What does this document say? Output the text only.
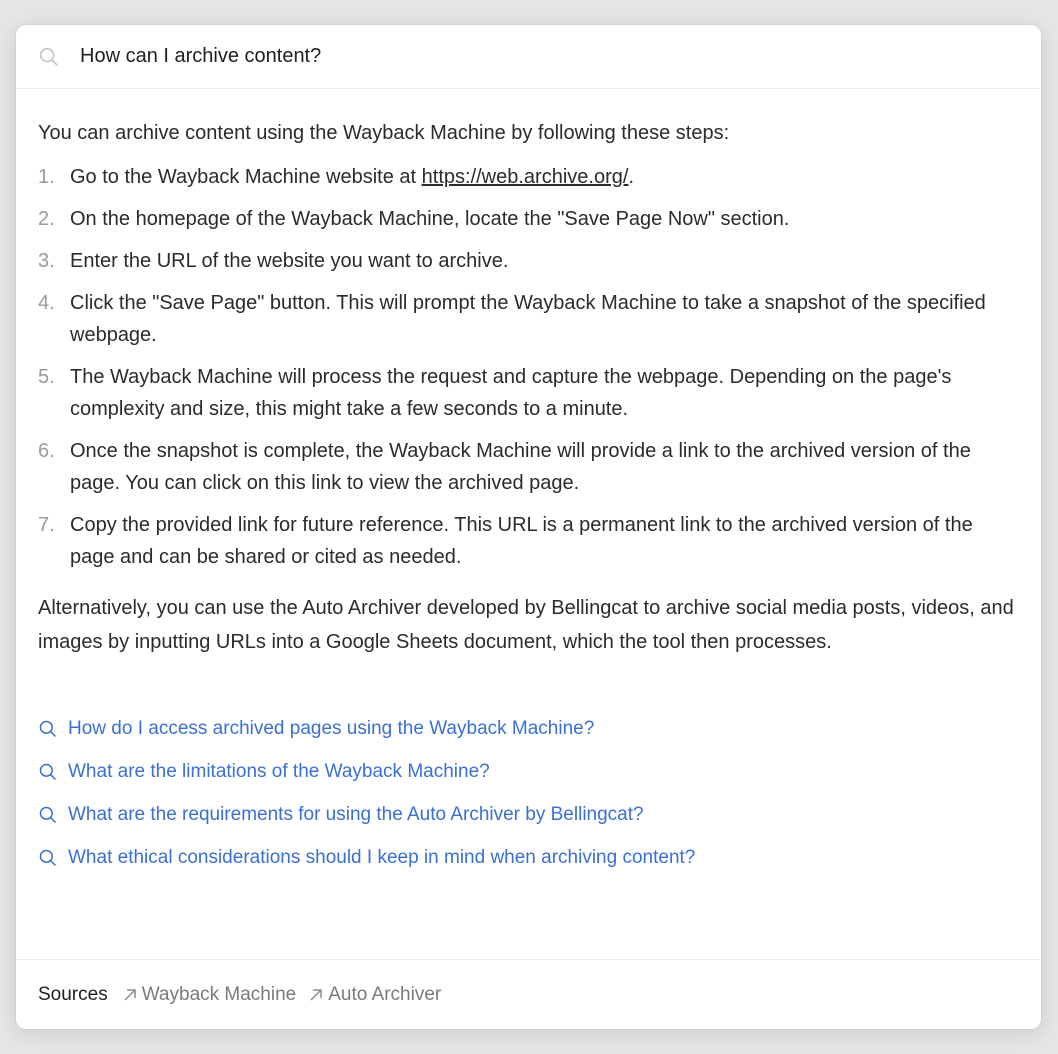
How can I archive content?

You can archive content using the Wayback Machine by following these steps:

1. Go to the Wayback Machine website at https://web.archive.org/.
2. On the homepage of the Wayback Machine, locate the "Save Page Now" section.
3. Enter the URL of the website you want to archive.
4. Click the "Save Page" button. This will prompt the Wayback Machine to take a snapshot of the specified webpage.
5. The Wayback Machine will process the request and capture the webpage. Depending on the page's complexity and size, this might take a few seconds to a minute.
6. Once the snapshot is complete, the Wayback Machine will provide a link to the archived version of the page. You can click on this link to view the archived page.
7. Copy the provided link for future reference. This URL is a permanent link to the archived version of the page and can be shared or cited as needed.

Alternatively, you can use the Auto Archiver developed by Bellingcat to archive social media posts, videos, and images by inputting URLs into a Google Sheets document, which the tool then processes.

How do I access archived pages using the Wayback Machine?
What are the limitations of the Wayback Machine?
What are the requirements for using the Auto Archiver by Bellingcat?
What ethical considerations should I keep in mind when archiving content?
Sources Wayback Machine Auto Archiver
